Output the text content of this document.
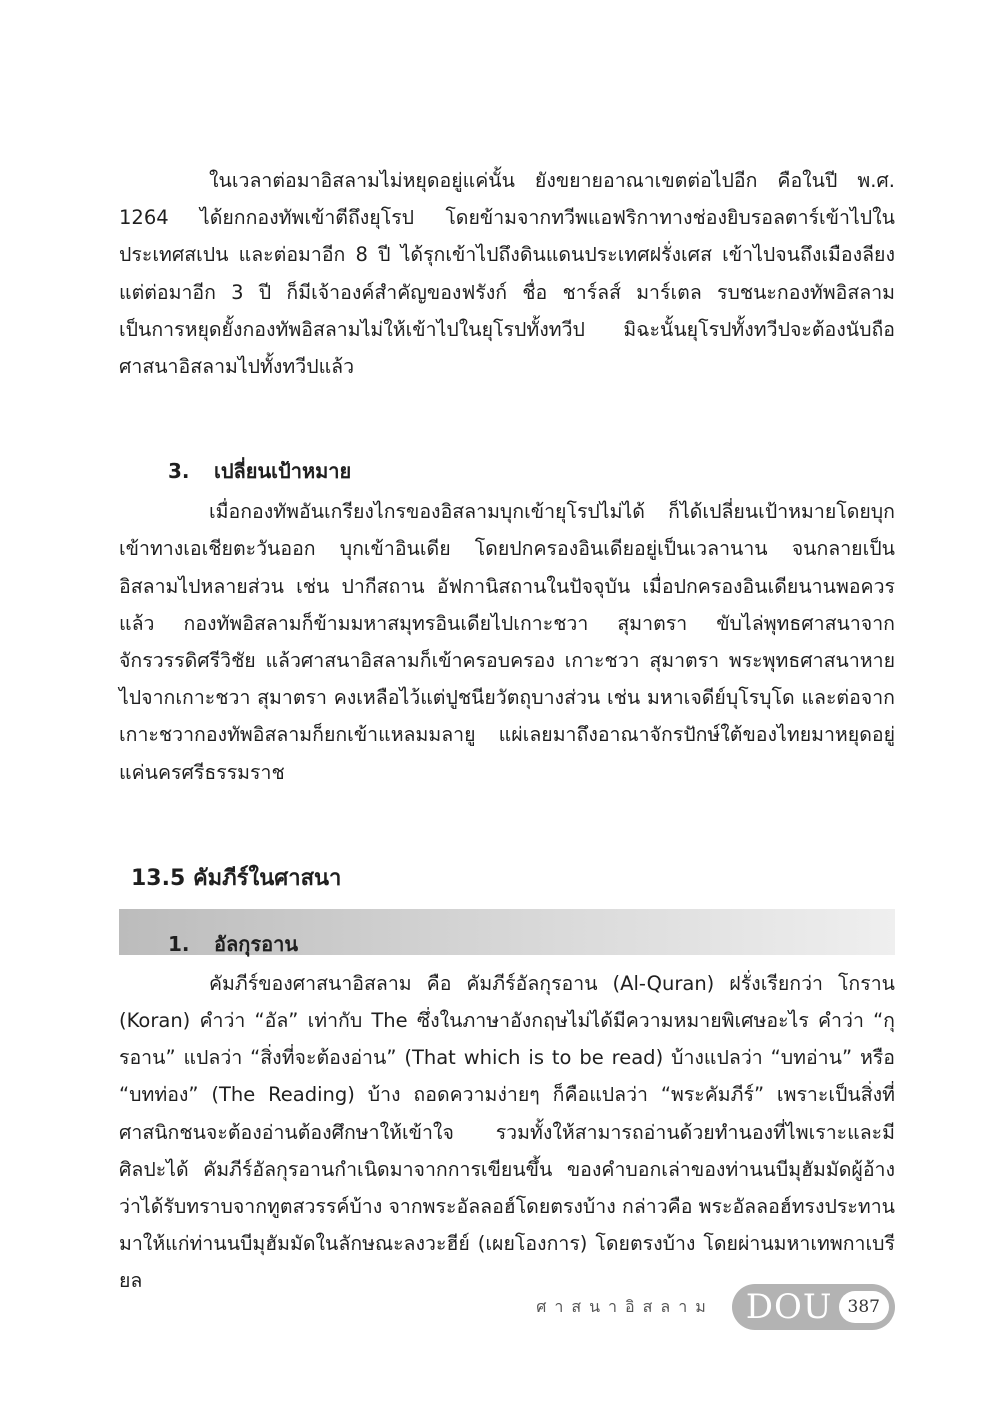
ในเวลาต่อมาอิสลามไม่หยุดอยู่แค่นั้น ยังขยายอาณาเขตต่อไปอีก คือในปี พ.ศ. 1264 ได้ยกกองทัพเข้าตีถึงยุโรป โดยข้ามจากทวีพแอฟริกาทางช่องยิบรอลตาร์เข้าไปในประเทศสเปน และต่อมาอีก 8 ปี ได้รุกเข้าไปถึงดินแดนประเทศฝรั่งเศส เข้าไปจนถึงเมืองลียง แต่ต่อมาอีก 3 ปี ก็มีเจ้าองค์สำคัญของฟรังก์ ชื่อ ชาร์ลส์ มาร์เตล รบชนะกองทัพอิสลาม เป็นการหยุดยั้งกองทัพอิสลามไม่ให้เข้าไปในยุโรปทั้งทวีป มิฉะนั้นยุโรปทั้งทวีปจะต้องนับถือศาสนาอิสลามไปทั้งทวีปแล้ว

3.	เปลี่ยนเป้าหมาย

เมื่อกองทัพอันเกรียงไกรของอิสลามบุกเข้ายุโรปไม่ได้ ก็ได้เปลี่ยนเป้าหมายโดยบุกเข้าทางเอเชียตะวันออก บุกเข้าอินเดีย โดยปกครองอินเดียอยู่เป็นเวลานาน จนกลายเป็นอิสลามไปหลายส่วน เช่น ปากีสถาน อัฟกานิสถานในปัจจุบัน เมื่อปกครองอินเดียนานพอควรแล้ว กองทัพอิสลามก็ข้ามมหาสมุทรอินเดียไปเกาะชวา สุมาตรา ขับไล่พุทธศาสนาจากจักรวรรดิศรีวิชัย แล้วศาสนาอิสลามก็เข้าครอบครอง เกาะชวา สุมาตรา พระพุทธศาสนาหายไปจากเกาะชวา สุมาตรา คงเหลือไว้แต่ปูชนียวัตถุบางส่วน เช่น มหาเจดีย์บุโรบุโด และต่อจากเกาะชวากองทัพอิสลามก็ยกเข้าแหลมมลายู แผ่เลยมาถึงอาณาจักรปักษ์ใต้ของไทยมาหยุดอยู่แค่นครศรีธรรมราช

13.5 คัมภีร์ในศาสนา
1.	อัลกุรอาน

คัมภีร์ของศาสนาอิสลาม คือ คัมภีร์อัลกุรอาน (Al-Quran) ฝรั่งเรียกว่า โกราน (Koran) คำว่า “อัล” เท่ากับ The ซึ่งในภาษาอังกฤษไม่ได้มีความหมายพิเศษอะไร คำว่า “กุรอาน” แปลว่า “สิ่งที่จะต้องอ่าน” (That which is to be read) บ้างแปลว่า “บทอ่าน” หรือ “บทท่อง” (The Reading) บ้าง ถอดความง่ายๆ ก็คือแปลว่า “พระคัมภีร์” เพราะเป็นสิ่งที่ศาสนิกชนจะต้องอ่านต้องศึกษาให้เข้าใจ รวมทั้งให้สามารถอ่านด้วยทำนองที่ไพเราะและมีศิลปะได้ คัมภีร์อัลกุรอานกำเนิดมาจากการเขียนขึ้น ของคำบอกเล่าของท่านนบีมุฮัมมัดผู้อ้างว่าได้รับทราบจากทูตสวรรค์บ้าง จากพระอัลลอฮ์โดยตรงบ้าง กล่าวคือ พระอัลลอฮ์ทรงประทานมาให้แก่ท่านนบีมุฮัมมัดในลักษณะลงวะฮีย์ (เผยโองการ) โดยตรงบ้าง โดยผ่านมหาเทพกาเบรียล

ศาสนาอิสลาม DOU 387
